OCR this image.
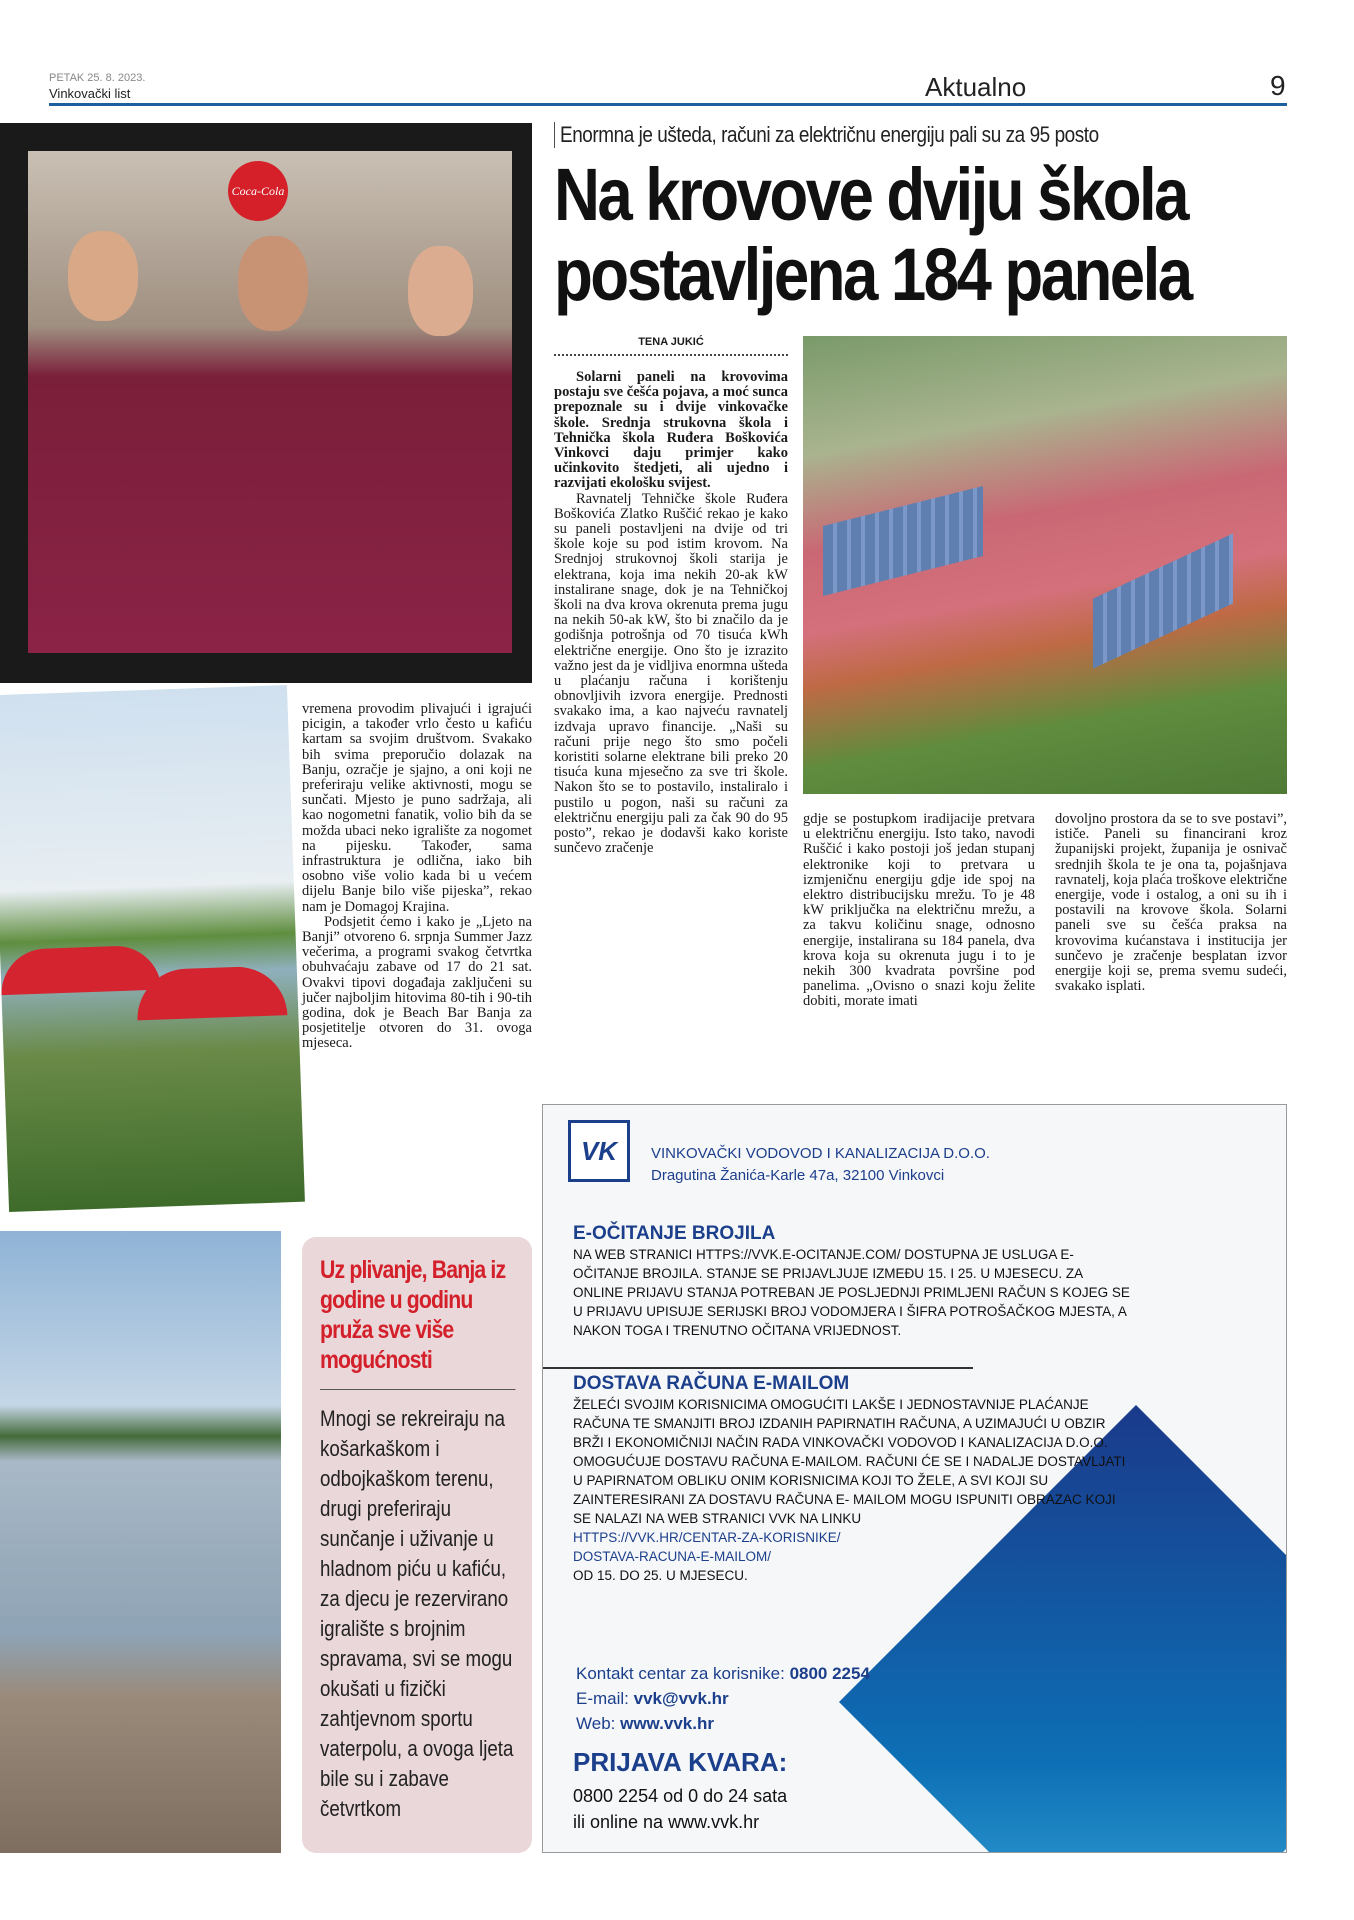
PETAK 25. 8. 2023.
Vinkovački list	Aktualno	9
Coca-Cola
Enormna je ušteda, računi za električnu energiju pali su za 95 posto
Na krovove dviju škola postavljena 184 panela
TENA JUKIĆ

Solarni paneli na krovovima postaju sve češća pojava, a moć sunca prepoznale su i dvije vinkovačke škole. Srednja strukovna škola i Tehnička škola Ruđera Boškovića Vinkovci daju primjer kako učinkovito štedjeti, ali ujedno i razvijati ekološku svijest.

Ravnatelj Tehničke škole Ruđera Boškovića Zlatko Ruščić rekao je kako su paneli postavljeni na dvije od tri škole koje su pod istim krovom. Na Srednjoj strukovnoj školi starija je elektrana, koja ima nekih 20-ak kW instalirane snage, dok je na Tehničkoj školi na dva krova okrenuta prema jugu na nekih 50-ak kW, što bi značilo da je godišnja potrošnja od 70 tisuća kWh električne energije. Ono što je izrazito važno jest da je vidljiva enormna ušteda u plaćanju računa i korištenju obnovljivih izvora energije. Prednosti svakako ima, a kao najveću ravnatelj izdvaja upravo financije. „Naši su računi prije nego što smo počeli koristiti solarne elektrane bili preko 20 tisuća kuna mjesečno za sve tri škole. Nakon što se to postavilo, instaliralo i pustilo u pogon, naši su računi za električnu energiju pali za čak 90 do 95 posto”, rekao je dodavši kako koriste sunčevo zračenje

gdje se postupkom iradijacije pretvara u električnu energiju. Isto tako, navodi Ruščić i kako postoji još jedan stupanj elektronike koji to pretvara u izmjeničnu energiju gdje ide spoj na elektro distribucijsku mrežu. To je 48 kW priključka na električnu mrežu, a za takvu količinu snage, odnosno energije, instalirana su 184 panela, dva krova koja su okrenuta jugu i to je nekih 300 kvadrata površine pod panelima. „Ovisno o snazi koju želite dobiti, morate imati

dovoljno prostora da se to sve postavi”, ističe. Paneli su financirani kroz županijski projekt, županija je osnivač srednjih škola te je ona ta, pojašnjava ravnatelj, koja plaća troškove električne energije, vode i ostalog, a oni su ih i postavili na krovove škola. Solarni paneli sve su češća praksa na krovovima kućanstava i institucija jer sunčevo je zračenje besplatan izvor energije koji se, prema svemu sudeći, svakako isplati.

vremena provodim plivajući i igrajući picigin, a također vrlo često u kafiću kartam sa svojim društvom. Svakako bih svima preporučio dolazak na Banju, ozračje je sjajno, a oni koji ne preferiraju velike aktivnosti, mogu se sunčati. Mjesto je puno sadržaja, ali kao nogometni fanatik, volio bih da se možda ubaci neko igralište za nogomet na pijesku. Također, sama infrastruktura je odlična, iako bih osobno više volio kada bi u većem dijelu Banje bilo više pijeska”, rekao nam je Domagoj Krajina.

Podsjetit ćemo i kako je „Ljeto na Banji” otvoreno 6. srpnja Summer Jazz večerima, a programi svakog četvrtka obuhvaćaju zabave od 17 do 21 sat. Ovakvi tipovi događaja zaključeni su jučer najboljim hitovima 80-tih i 90-tih godina, dok je Beach Bar Banja za posjetitelje otvoren do 31. ovoga mjeseca.

Uz plivanje, Banja iz godine u godinu pruža sve više mogućnosti

Mnogi se rekreiraju na košarkaškom i odbojkaškom terenu, drugi preferiraju sunčanje i uživanje u hladnom piću u kafiću, za djecu je rezervirano igralište s brojnim spravama, svi se mogu okušati u fizički zahtjevnom sportu vaterpolu, a ovoga ljeta bile su i zabave četvrtkom

VK	VINKOVAČKI VODOVOD I KANALIZACIJA D.O.O.
Dragutina Žanića-Karle 47a, 32100 Vinkovci
E-OČITANJE BROJILA
NA WEB STRANICI HTTPS://VVK.E-OCITANJE.COM/ DOSTUPNA JE USLUGA E-OČITANJE BROJILA. STANJE SE PRIJAVLJUJE IZMEĐU 15. I 25. U MJESECU. ZA ONLINE PRIJAVU STANJA POTREBAN JE POSLJEDNJI PRIMLJENI RAČUN S KOJEG SE U PRIJAVU UPISUJE SERIJSKI BROJ VODOMJERA I ŠIFRA POTROŠAČKOG MJESTA, A NAKON TOGA I TRENUTNO OČITANA VRIJEDNOST.
DOSTAVA RAČUNA E-MAILOM
ŽELEĆI SVOJIM KORISNICIMA OMOGUĆITI LAKŠE I JEDNOSTAVNIJE PLAĆANJE RAČUNA TE SMANJITI BROJ IZDANIH PAPIRNATIH RAČUNA, A UZIMAJUĆI U OBZIR BRŽI I EKONOMIČNIJI NAČIN RADA VINKOVAČKI VODOVOD I KANALIZACIJA D.O.O. OMOGUĆUJE DOSTAVU RAČUNA E-MAILOM. RAČUNI ĆE SE I NADALJE DOSTAVLJATI U PAPIRNATOM OBLIKU ONIM KORISNICIMA KOJI TO ŽELE, A SVI KOJI SU ZAINTERESIRANI ZA DOSTAVU RAČUNA E- MAILOM MOGU ISPUNITI OBRAZAC KOJI SE NALAZI NA WEB STRANICI VVK NA LINKU
HTTPS://VVK.HR/CENTAR-ZA-KORISNIKE/
DOSTAVA-RACUNA-E-MAILOM/
OD 15. DO 25. U MJESECU.
Kontakt centar za korisnike: 0800 2254
E-mail: vvk@vvk.hr
Web: www.vvk.hr
PRIJAVA KVARA:
0800 2254 od 0 do 24 sata
ili online na www.vvk.hr
